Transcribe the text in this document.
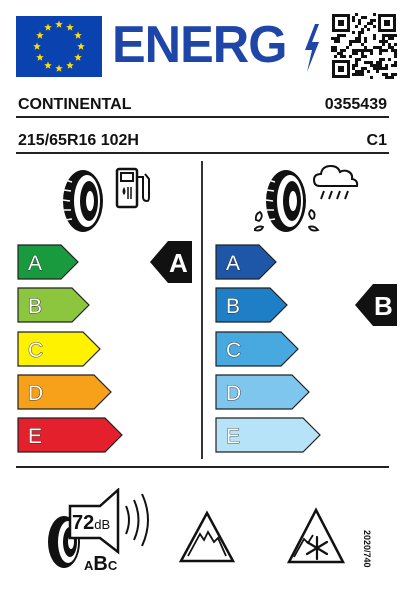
ENERG
CONTINENTAL	0355439
215/65R16 102H	C1
A	A
B
C
D
E
A
B	B
C
D
E
72dB
ABC	2020/740
